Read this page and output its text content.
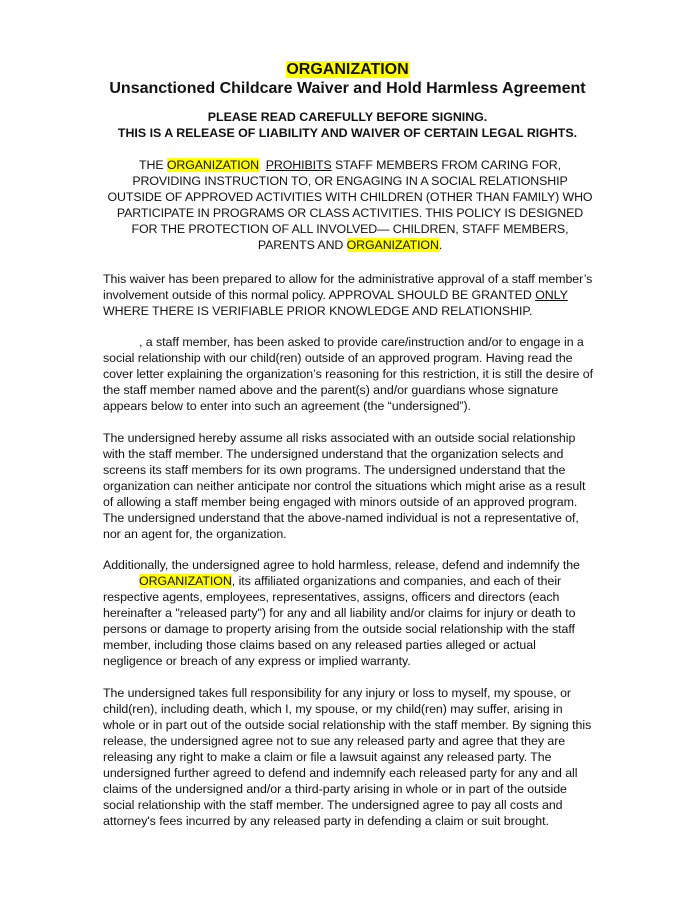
ORGANIZATION
Unsanctioned Childcare Waiver and Hold Harmless Agreement
PLEASE READ CAREFULLY BEFORE SIGNING.
THIS IS A RELEASE OF LIABILITY AND WAIVER OF CERTAIN LEGAL RIGHTS.
THE ORGANIZATION PROHIBITS STAFF MEMBERS FROM CARING FOR,
PROVIDING INSTRUCTION TO, OR ENGAGING IN A SOCIAL RELATIONSHIP
OUTSIDE OF APPROVED ACTIVITIES WITH CHILDREN (OTHER THAN FAMILY) WHO
PARTICIPATE IN PROGRAMS OR CLASS ACTIVITIES. THIS POLICY IS DESIGNED
FOR THE PROTECTION OF ALL INVOLVED— CHILDREN, STAFF MEMBERS,
PARENTS AND ORGANIZATION.
This waiver has been prepared to allow for the administrative approval of a staff member’s
involvement outside of this normal policy. APPROVAL SHOULD BE GRANTED ONLY
WHERE THERE IS VERIFIABLE PRIOR KNOWLEDGE AND RELATIONSHIP.
, a staff member, has been asked to provide care/instruction and/or to engage in a
social relationship with our child(ren) outside of an approved program. Having read the
cover letter explaining the organization’s reasoning for this restriction, it is still the desire of
the staff member named above and the parent(s) and/or guardians whose signature
appears below to enter into such an agreement (the “undersigned”).
The undersigned hereby assume all risks associated with an outside social relationship
with the staff member. The undersigned understand that the organization selects and
screens its staff members for its own programs. The undersigned understand that the
organization can neither anticipate nor control the situations which might arise as a result
of allowing a staff member being engaged with minors outside of an approved program.
The undersigned understand that the above-named individual is not a representative of,
nor an agent for, the organization.
Additionally, the undersigned agree to hold harmless, release, defend and indemnify the
ORGANIZATION, its affiliated organizations and companies, and each of their
respective agents, employees, representatives, assigns, officers and directors (each
hereinafter a "released party") for any and all liability and/or claims for injury or death to
persons or damage to property arising from the outside social relationship with the staff
member, including those claims based on any released parties alleged or actual
negligence or breach of any express or implied warranty.
The undersigned takes full responsibility for any injury or loss to myself, my spouse, or
child(ren), including death, which I, my spouse, or my child(ren) may suffer, arising in
whole or in part out of the outside social relationship with the staff member. By signing this
release, the undersigned agree not to sue any released party and agree that they are
releasing any right to make a claim or file a lawsuit against any released party. The
undersigned further agreed to defend and indemnify each released party for any and all
claims of the undersigned and/or a third-party arising in whole or in part of the outside
social relationship with the staff member. The undersigned agree to pay all costs and
attorney's fees incurred by any released party in defending a claim or suit brought.
